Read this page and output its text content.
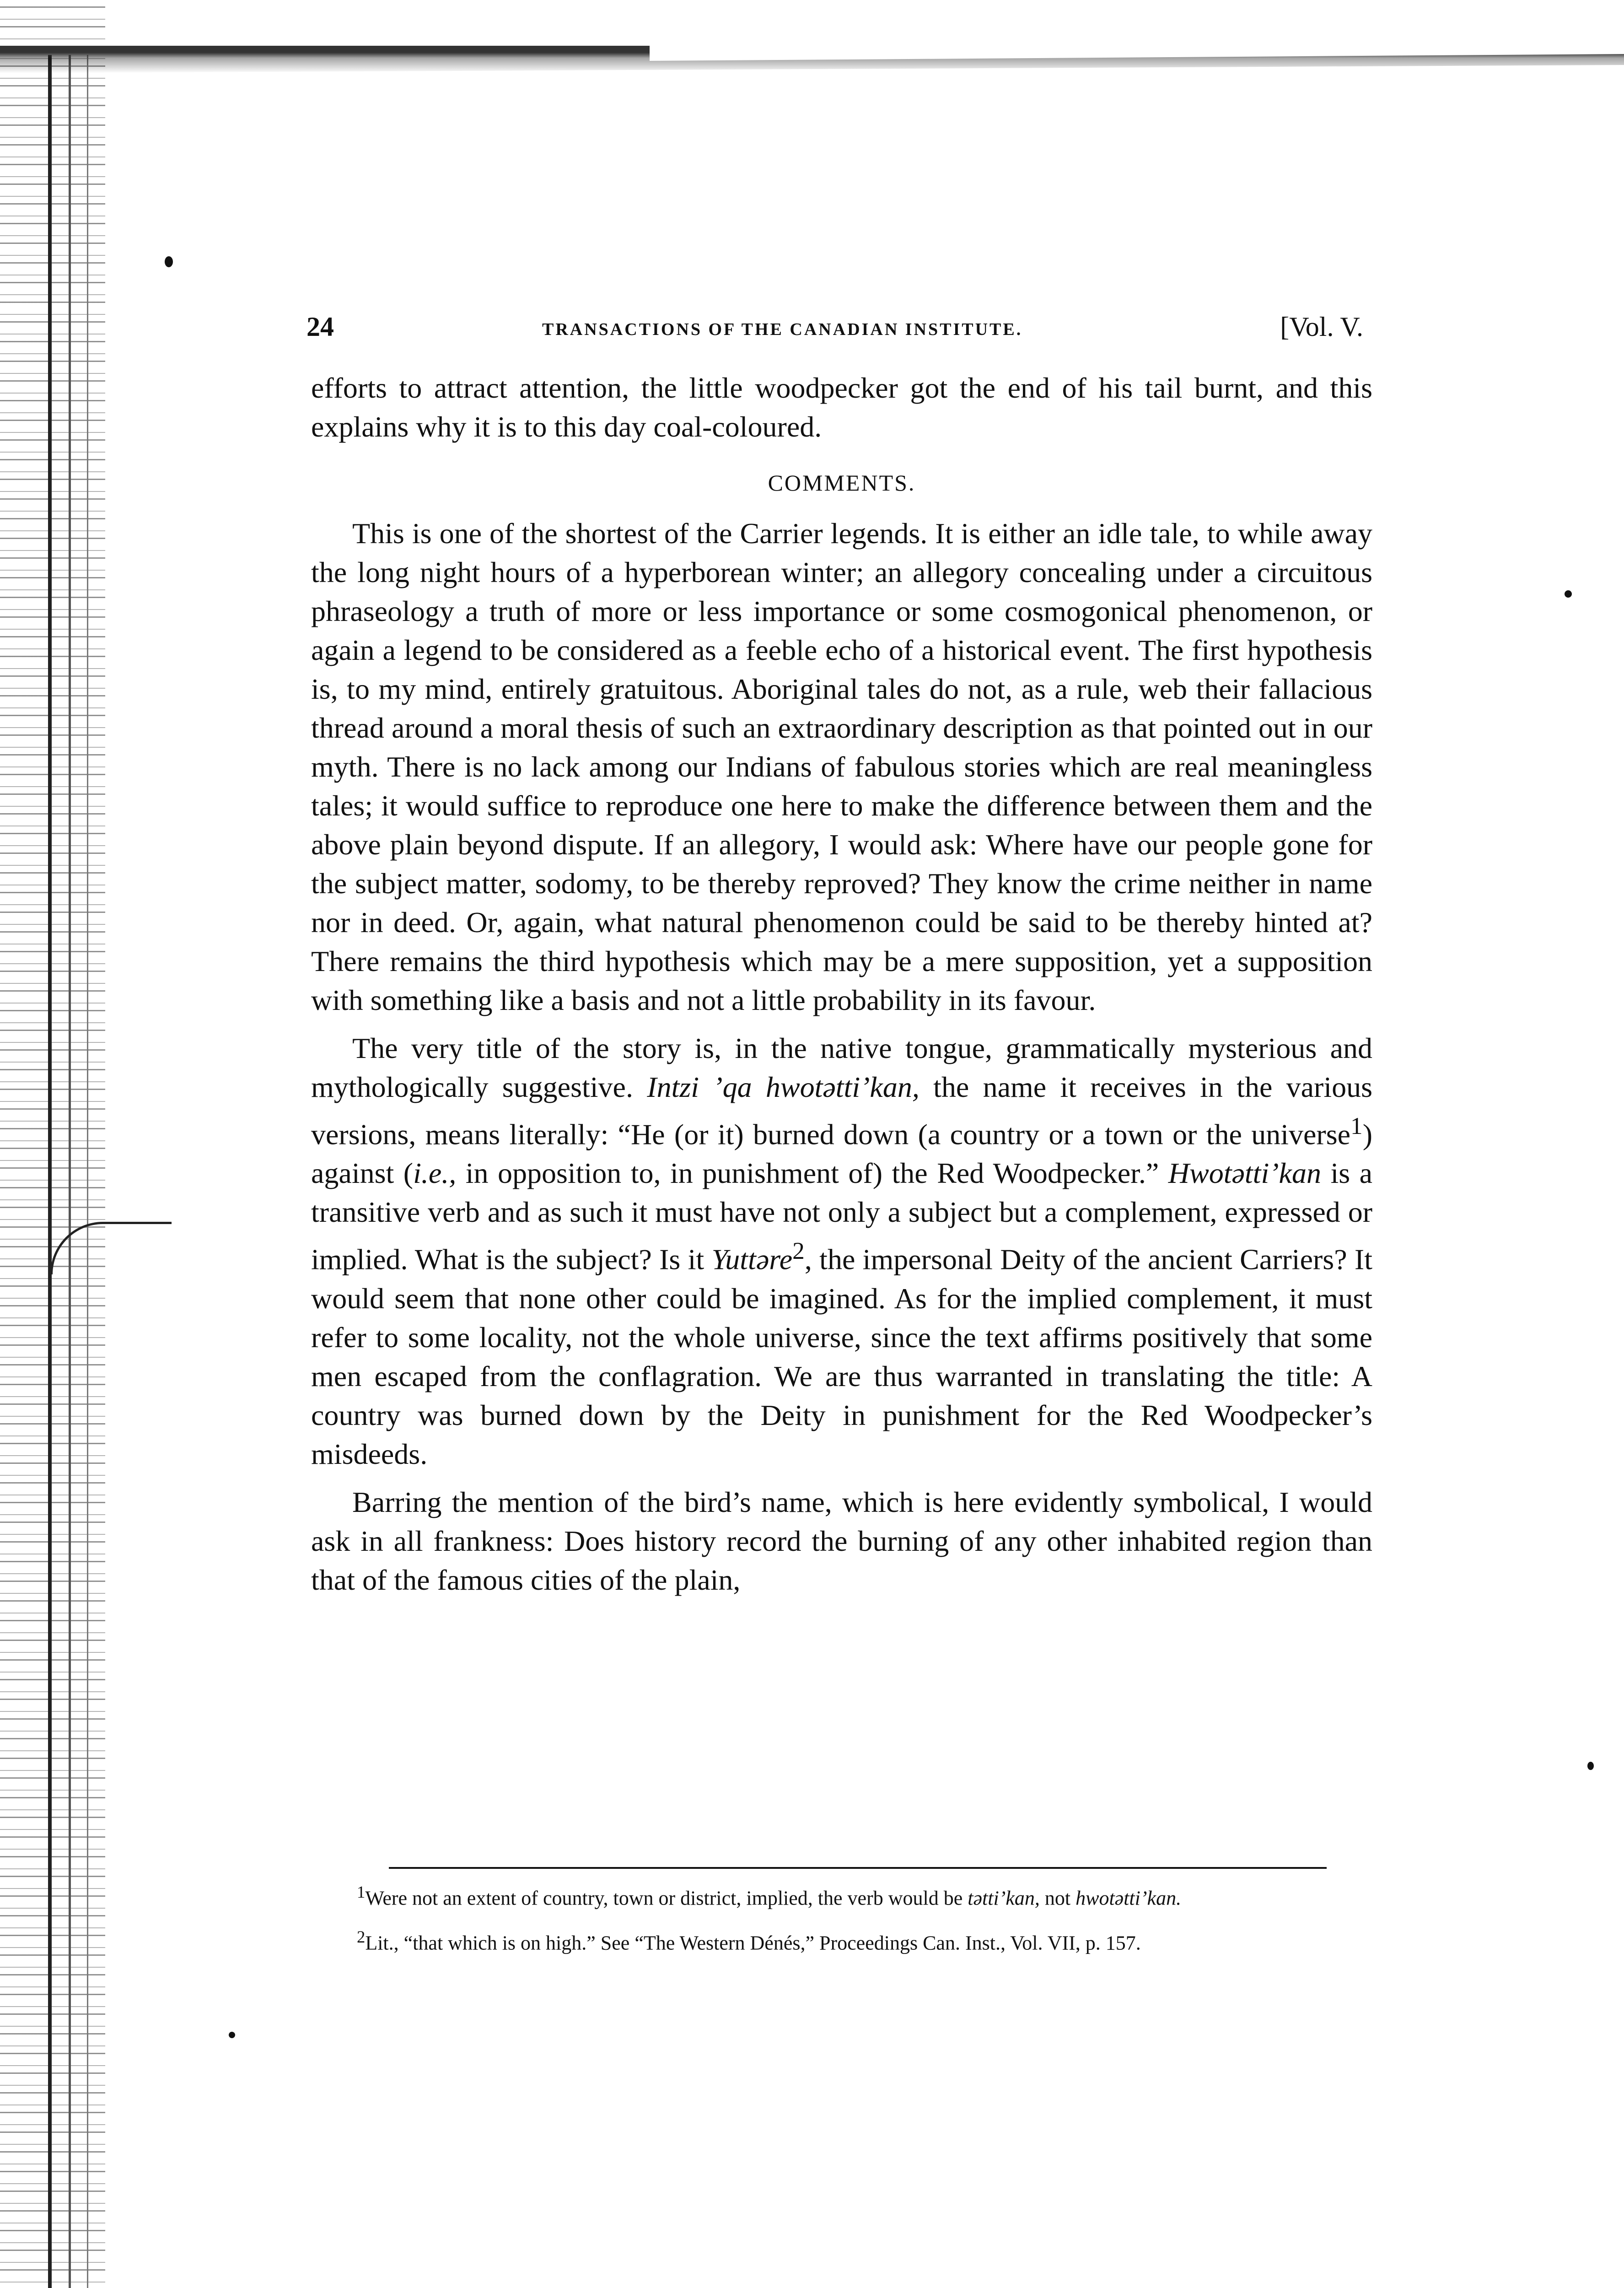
24	TRANSACTIONS OF THE CANADIAN INSTITUTE.	[Vol. V.

efforts to attract attention, the little woodpecker got the end of his tail burnt, and this explains why it is to this day coal-coloured.

COMMENTS.

This is one of the shortest of the Carrier legends. It is either an idle tale, to while away the long night hours of a hyperborean winter; an allegory concealing under a circuitous phraseology a truth of more or less importance or some cosmogonical phenomenon, or again a legend to be considered as a feeble echo of a historical event. The first hypothesis is, to my mind, entirely gratuitous. Aboriginal tales do not, as a rule, web their fallacious thread around a moral thesis of such an extraordinary description as that pointed out in our myth. There is no lack among our Indians of fabulous stories which are real meaningless tales; it would suffice to reproduce one here to make the difference between them and the above plain beyond dispute. If an allegory, I would ask: Where have our people gone for the subject matter, sodomy, to be thereby reproved? They know the crime neither in name nor in deed. Or, again, what natural phenomenon could be said to be thereby hinted at? There remains the third hypothesis which may be a mere supposition, yet a supposition with something like a basis and not a little probability in its favour.

The very title of the story is, in the native tongue, grammatically mysterious and mythologically suggestive. Intzi ’qa hwotətti’kan, the name it receives in the various versions, means literally: “He (or it) burned down (a country or a town or the universe$^1$) against (i.e., in opposition to, in punishment of) the Red Woodpecker.” Hwotətti’kan is a transitive verb and as such it must have not only a subject but a complement, expressed or implied. What is the subject? Is it Yuttəre$^2$, the impersonal Deity of the ancient Carriers? It would seem that none other could be imagined. As for the implied complement, it must refer to some locality, not the whole universe, since the text affirms positively that some men escaped from the conflagration. We are thus warranted in translating the title: A country was burned down by the Deity in punishment for the Red Woodpecker’s misdeeds.

Barring the mention of the bird’s name, which is here evidently symbolical, I would ask in all frankness: Does history record the burning of any other inhabited region than that of the famous cities of the plain,

$^1$Were not an extent of country, town or district, implied, the verb would be tətti’kan, not hwotətti’kan.

$^2$Lit., “that which is on high.” See “The Western Dénés,” Proceedings Can. Inst., Vol. VII, p. 157.
